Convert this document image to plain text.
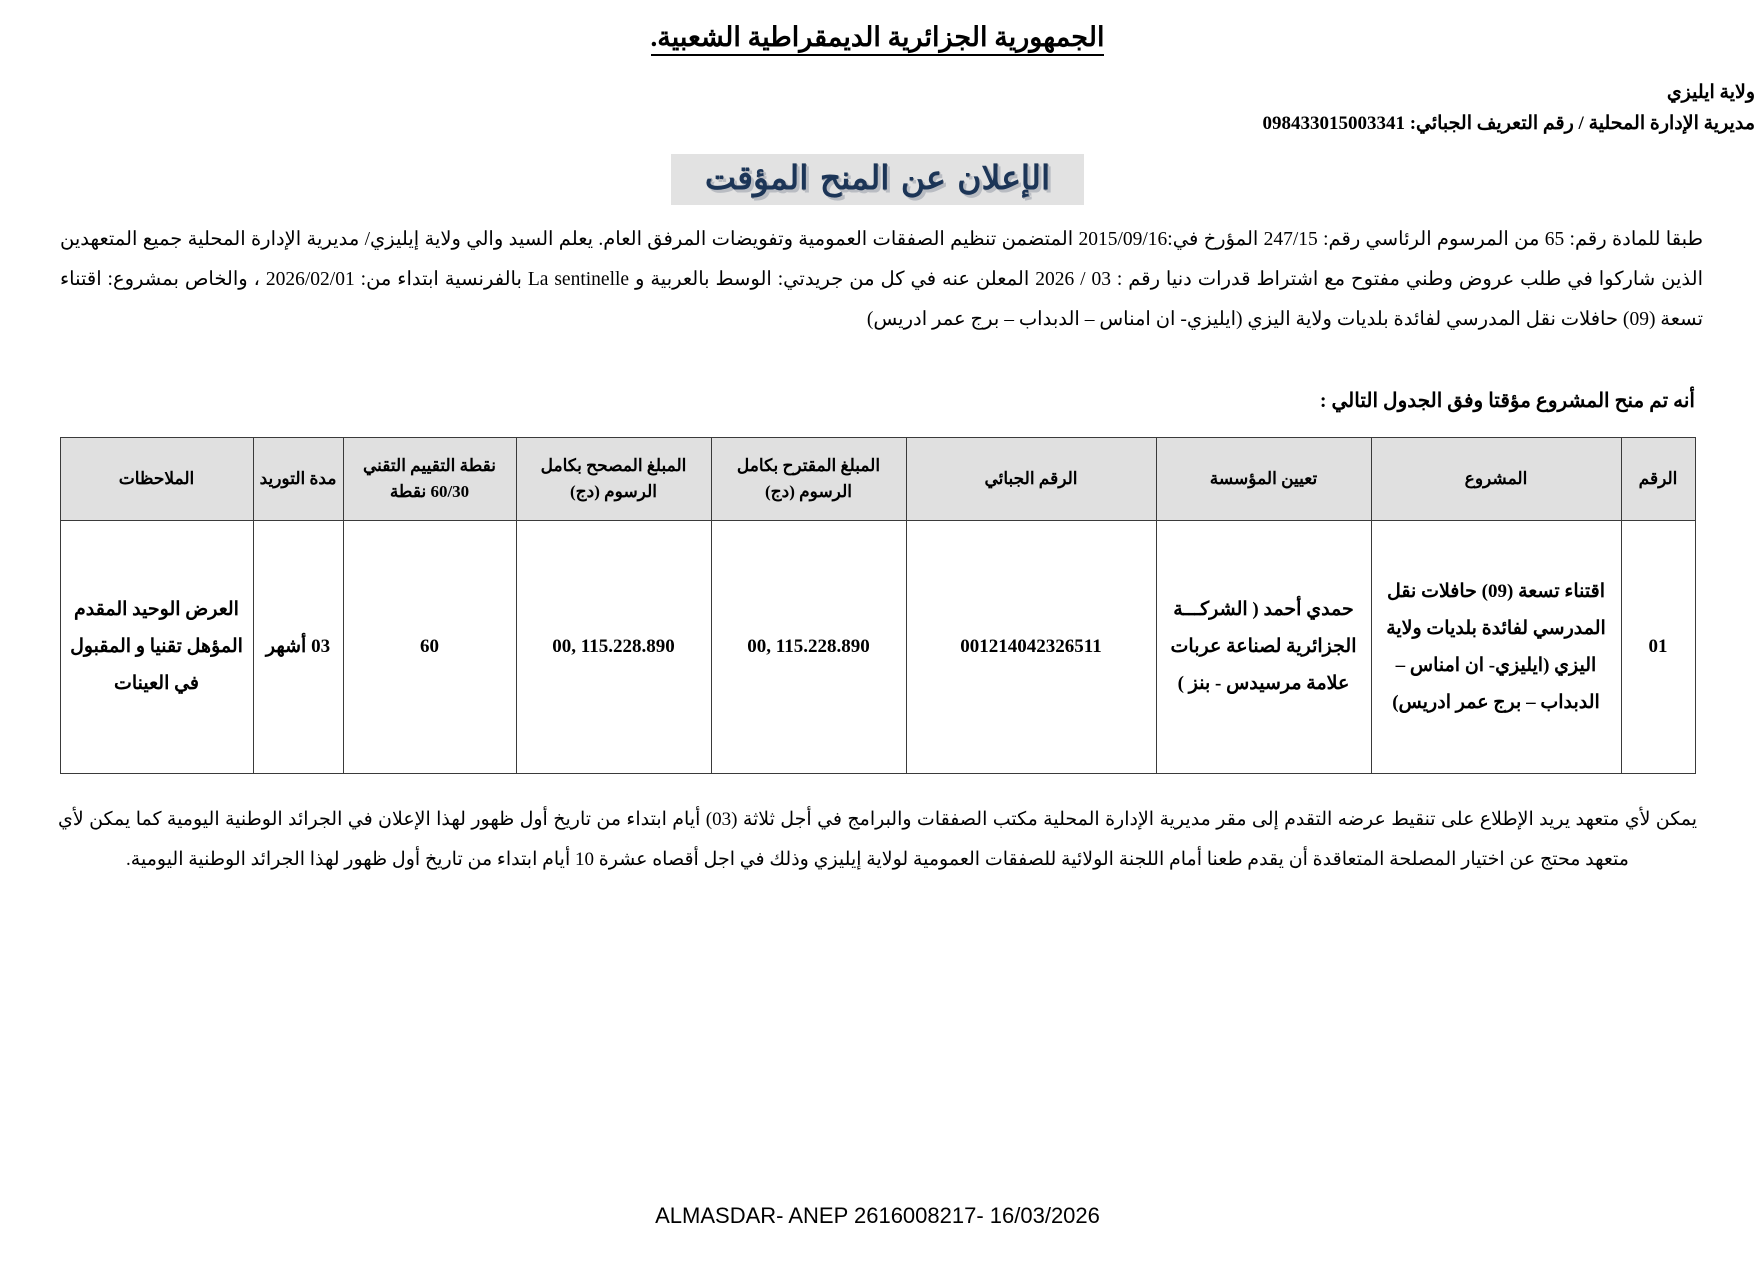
الجمهورية الجزائرية الديمقراطية الشعبية.
ولاية ايليزي
مديرية الإدارة المحلية / رقم التعريف الجبائي: 098433015003341
الإعلان عن المنح المؤقت
طبقا للمادة رقم: 65 من المرسوم الرئاسي رقم: 247/15 المؤرخ في:2015/09/16 المتضمن تنظيم الصفقات العمومية وتفويضات المرفق العام. يعلم السيد والي ولاية إيليزي/ مديرية الإدارة المحلية جميع المتعهدين الذين شاركوا في طلب عروض وطني مفتوح مع اشتراط قدرات دنيا رقم : 03 / 2026 المعلن عنه في كل من جريدتي: الوسط بالعربية و La sentinelle بالفرنسية ابتداء من: 2026/02/01 ، والخاص بمشروع: اقتناء تسعة (09) حافلات نقل المدرسي لفائدة بلديات ولاية اليزي (ايليزي- ان امناس – الدبداب – برج عمر ادريس)
أنه تم منح المشروع مؤقتا وفق الجدول التالي :
الرقم	المشروع	تعيين المؤسسة	الرقم الجبائي	المبلغ المقترح بكامل الرسوم (دج)	المبلغ المصحح بكامل الرسوم (دج)	نقطة التقييم التقني 60/30 نقطة	مدة التوريد	الملاحظات
01	اقتناء تسعة (09) حافلات نقل المدرسي لفائدة بلديات ولاية اليزي (ايليزي- ان امناس – الدبداب – برج عمر ادريس)	حمدي أحمد ( الشركـــة الجزائرية لصناعة عربات علامة مرسيدس - بنز )	001214042326511	115.228.890 ,00	115.228.890 ,00	60	03 أشهر	العرض الوحيد المقدم المؤهل تقنيا و المقبول في العينات
يمكن لأي متعهد يريد الإطلاع على تنقيط عرضه التقدم إلى مقر مديرية الإدارة المحلية مكتب الصفقات والبرامج في أجل ثلاثة (03) أيام ابتداء من تاريخ أول ظهور لهذا الإعلان في الجرائد الوطنية اليومية كما يمكن لأي متعهد محتج عن اختيار المصلحة المتعاقدة أن يقدم طعنا أمام اللجنة الولائية للصفقات العمومية لولاية إيليزي وذلك في اجل أقصاه عشرة 10 أيام ابتداء من تاريخ أول ظهور لهذا الجرائد الوطنية اليومية.
ALMASDAR- ANEP 2616008217- 16/03/2026
